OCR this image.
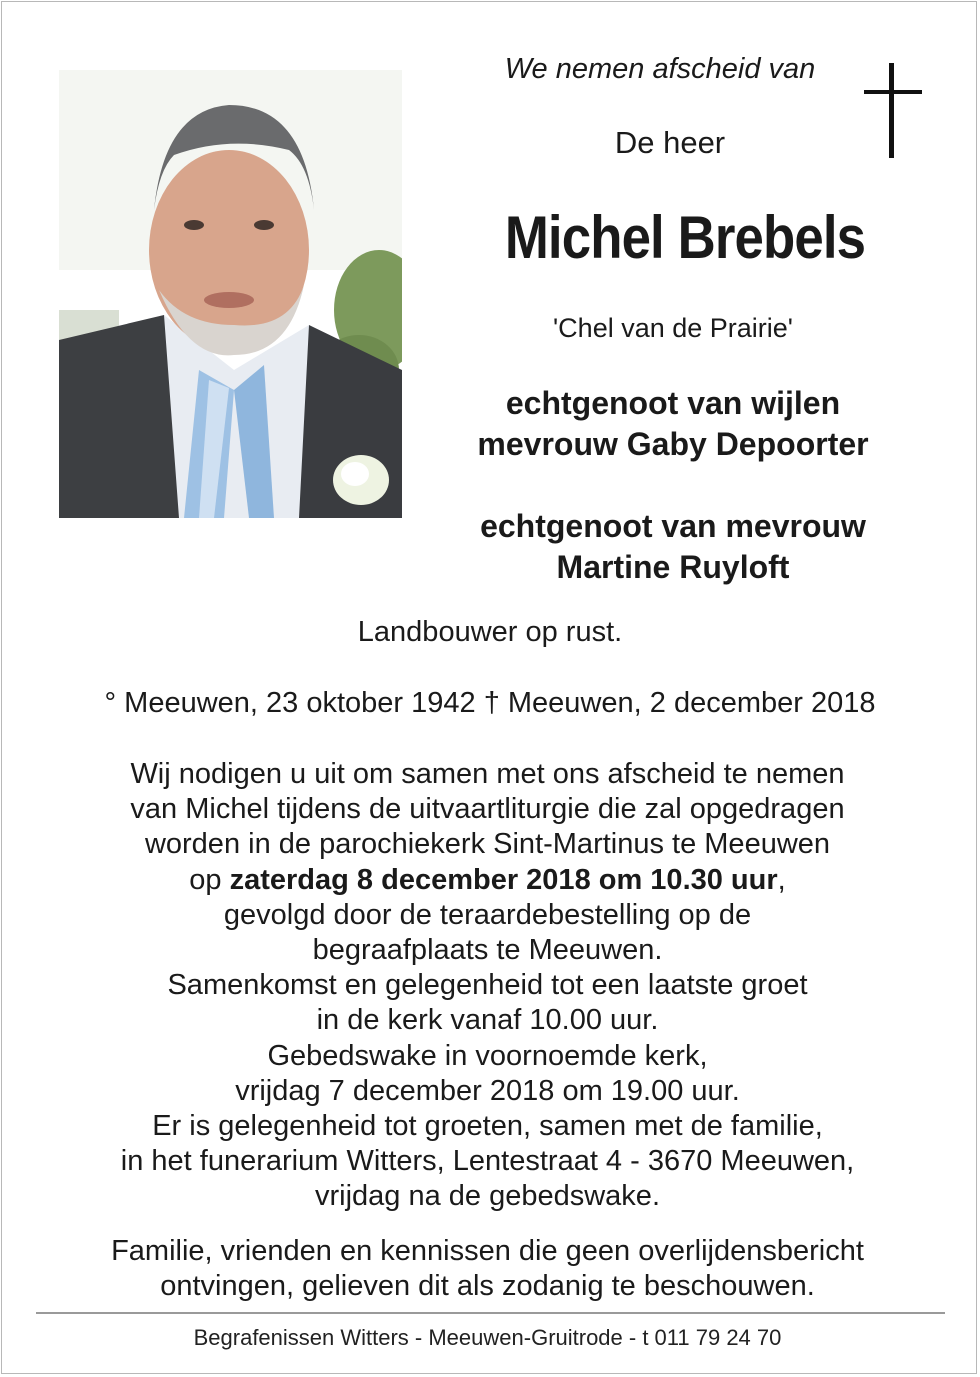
We nemen afscheid van
De heer
Michel Brebels
'Chel van de Prairie'
echtgenoot van wijlen
mevrouw Gaby Depoorter
echtgenoot van mevrouw
Martine Ruyloft
Landbouwer op rust.
° Meeuwen, 23 oktober 1942 † Meeuwen, 2 december 2018
Wij nodigen u uit om samen met ons afscheid te nemen
van Michel tijdens de uitvaartliturgie die zal opgedragen
worden in de parochiekerk Sint-Martinus te Meeuwen
op zaterdag 8 december 2018 om 10.30 uur,
gevolgd door de teraardebestelling op de
begraafplaats te Meeuwen.
Samenkomst en gelegenheid tot een laatste groet
in de kerk vanaf 10.00 uur.
Gebedswake in voornoemde kerk,
vrijdag 7 december 2018 om 19.00 uur.
Er is gelegenheid tot groeten, samen met de familie,
in het funerarium Witters, Lentestraat 4 - 3670 Meeuwen,
vrijdag na de gebedswake.
Familie, vrienden en kennissen die geen overlijdensbericht
ontvingen, gelieven dit als zodanig te beschouwen.
Begrafenissen Witters - Meeuwen-Gruitrode - t 011 79 24 70
